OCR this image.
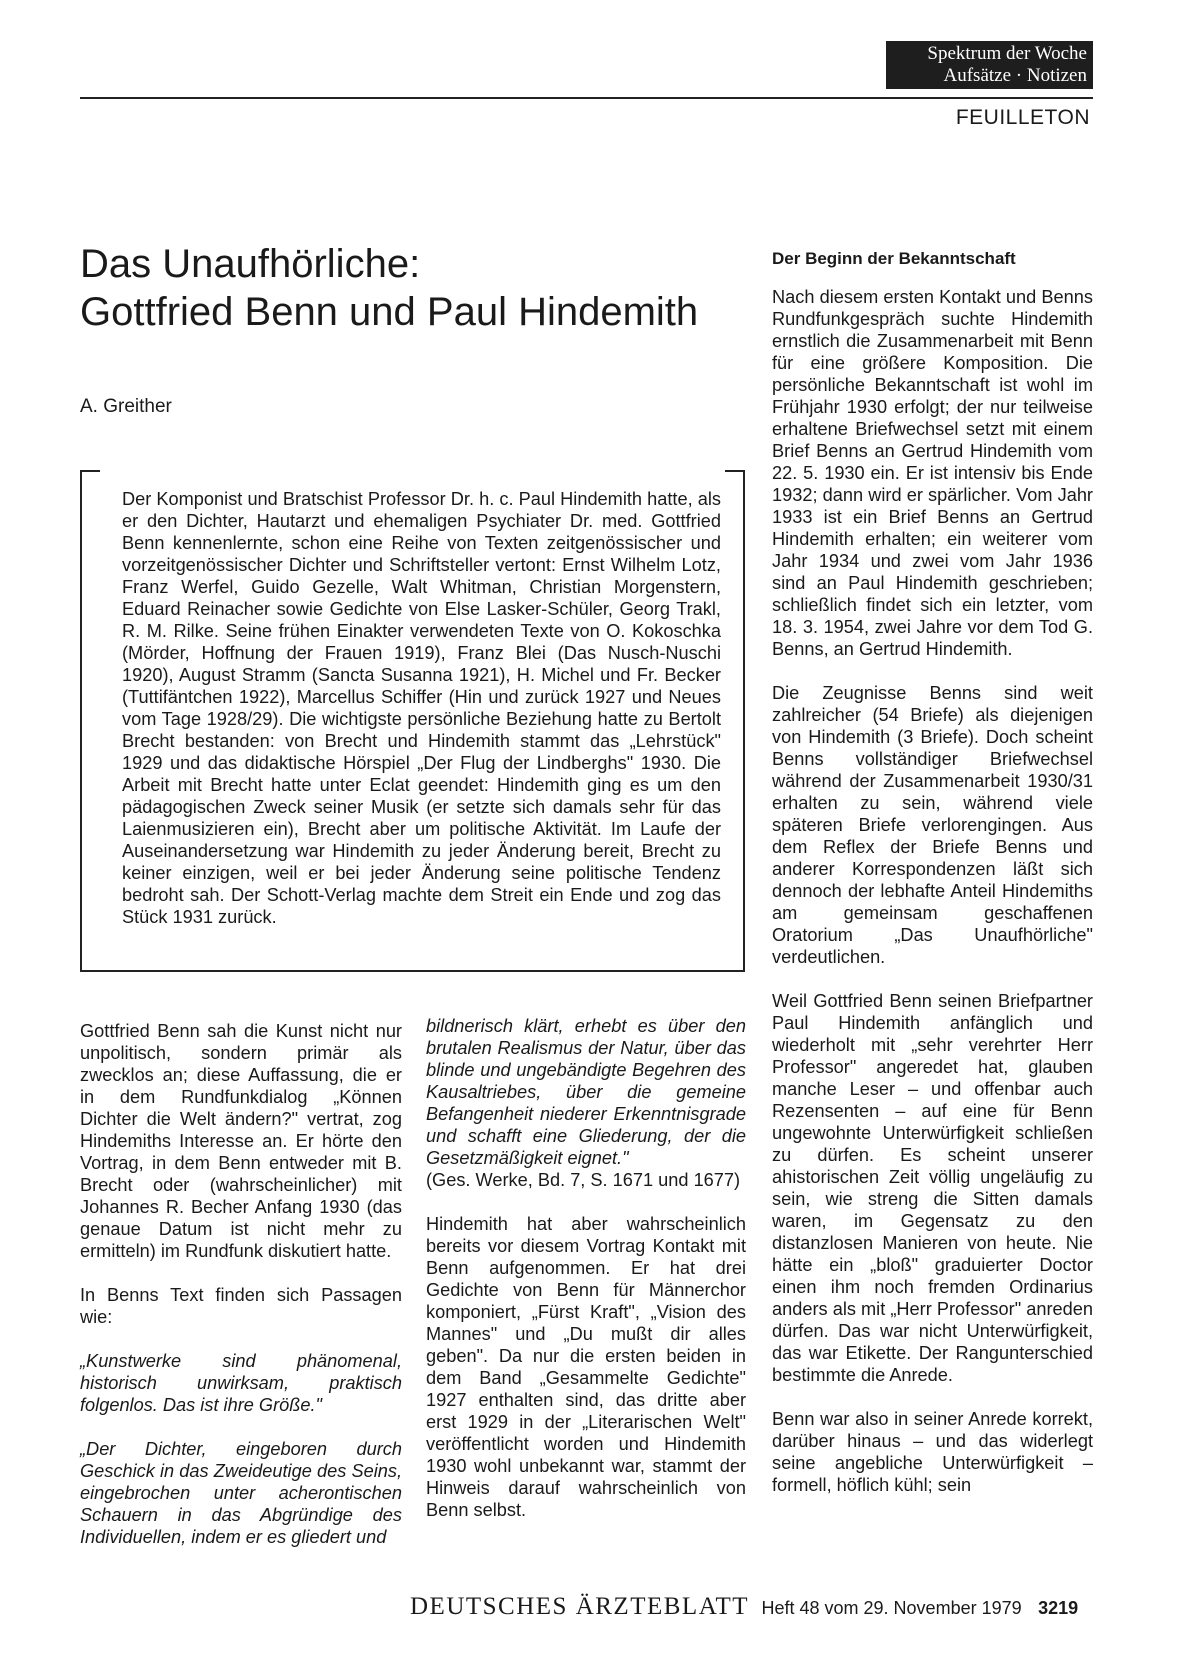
Spektrum der Woche
Aufsätze · Notizen
FEUILLETON
Das Unaufhörliche:
Gottfried Benn und Paul Hindemith
A. Greither
Der Komponist und Bratschist Professor Dr. h. c. Paul Hindemith hatte, als er den Dichter, Hautarzt und ehemaligen Psychiater Dr. med. Gottfried Benn kennenlernte, schon eine Reihe von Texten zeitgenössischer und vorzeitgenössischer Dichter und Schriftsteller vertont: Ernst Wilhelm Lotz, Franz Werfel, Guido Gezelle, Walt Whitman, Christian Morgenstern, Eduard Reinacher sowie Gedichte von Else Lasker-Schüler, Georg Trakl, R. M. Rilke. Seine frühen Einakter verwendeten Texte von O. Kokoschka (Mörder, Hoffnung der Frauen 1919), Franz Blei (Das Nusch-Nuschi 1920), August Stramm (Sancta Susanna 1921), H. Michel und Fr. Becker (Tuttifäntchen 1922), Marcellus Schiffer (Hin und zurück 1927 und Neues vom Tage 1928/29). Die wichtigste persönliche Beziehung hatte zu Bertolt Brecht bestanden: von Brecht und Hindemith stammt das „Lehrstück" 1929 und das didaktische Hörspiel „Der Flug der Lindberghs" 1930. Die Arbeit mit Brecht hatte unter Eclat geendet: Hindemith ging es um den pädagogischen Zweck seiner Musik (er setzte sich damals sehr für das Laienmusizieren ein), Brecht aber um politische Aktivität. Im Laufe der Auseinandersetzung war Hindemith zu jeder Änderung bereit, Brecht zu keiner einzigen, weil er bei jeder Änderung seine politische Tendenz bedroht sah. Der Schott-Verlag machte dem Streit ein Ende und zog das Stück 1931 zurück.

Gottfried Benn sah die Kunst nicht nur unpolitisch, sondern primär als zwecklos an; diese Auffassung, die er in dem Rundfunkdialog „Können Dichter die Welt ändern?" vertrat, zog Hindemiths Interesse an. Er hörte den Vortrag, in dem Benn entweder mit B. Brecht oder (wahrscheinlicher) mit Johannes R. Becher Anfang 1930 (das genaue Datum ist nicht mehr zu ermitteln) im Rundfunk diskutiert hatte.

In Benns Text finden sich Passagen wie:

„Kunstwerke sind phänomenal, historisch unwirksam, praktisch folgenlos. Das ist ihre Größe."

„Der Dichter, eingeboren durch Geschick in das Zweideutige des Seins, eingebrochen unter acherontischen Schauern in das Abgründige des Individuellen, indem er es gliedert und

bildnerisch klärt, erhebt es über den brutalen Realismus der Natur, über das blinde und ungebändigte Begehren des Kausaltriebes, über die gemeine Befangenheit niederer Erkenntnisgrade und schafft eine Gliederung, der die Gesetzmäßigkeit eignet."

(Ges. Werke, Bd. 7, S. 1671 und 1677)

Hindemith hat aber wahrscheinlich bereits vor diesem Vortrag Kontakt mit Benn aufgenommen. Er hat drei Gedichte von Benn für Männerchor komponiert, „Fürst Kraft", „Vision des Mannes" und „Du mußt dir alles geben". Da nur die ersten beiden in dem Band „Gesammelte Gedichte" 1927 enthalten sind, das dritte aber erst 1929 in der „Literarischen Welt" veröffentlicht worden und Hindemith 1930 wohl unbekannt war, stammt der Hinweis darauf wahrscheinlich von Benn selbst.

Der Beginn der Bekanntschaft

Nach diesem ersten Kontakt und Benns Rundfunkgespräch suchte Hindemith ernstlich die Zusammenarbeit mit Benn für eine größere Komposition. Die persönliche Bekanntschaft ist wohl im Frühjahr 1930 erfolgt; der nur teilweise erhaltene Briefwechsel setzt mit einem Brief Benns an Gertrud Hindemith vom 22. 5. 1930 ein. Er ist intensiv bis Ende 1932; dann wird er spärlicher. Vom Jahr 1933 ist ein Brief Benns an Gertrud Hindemith erhalten; ein weiterer vom Jahr 1934 und zwei vom Jahr 1936 sind an Paul Hindemith geschrieben; schließlich findet sich ein letzter, vom 18. 3. 1954, zwei Jahre vor dem Tod G. Benns, an Gertrud Hindemith.

Die Zeugnisse Benns sind weit zahlreicher (54 Briefe) als diejenigen von Hindemith (3 Briefe). Doch scheint Benns vollständiger Briefwechsel während der Zusammenarbeit 1930/31 erhalten zu sein, während viele späteren Briefe verlorengingen. Aus dem Reflex der Briefe Benns und anderer Korrespondenzen läßt sich dennoch der lebhafte Anteil Hindemiths am gemeinsam geschaffenen Oratorium „Das Unaufhörliche" verdeutlichen.

Weil Gottfried Benn seinen Briefpartner Paul Hindemith anfänglich und wiederholt mit „sehr verehrter Herr Professor" angeredet hat, glauben manche Leser – und offenbar auch Rezensenten – auf eine für Benn ungewohnte Unterwürfigkeit schließen zu dürfen. Es scheint unserer ahistorischen Zeit völlig ungeläufig zu sein, wie streng die Sitten damals waren, im Gegensatz zu den distanzlosen Manieren von heute. Nie hätte ein „bloß" graduierter Doctor einen ihm noch fremden Ordinarius anders als mit „Herr Professor" anreden dürfen. Das war nicht Unterwürfigkeit, das war Etikette. Der Rangunterschied bestimmte die Anrede.

Benn war also in seiner Anrede korrekt, darüber hinaus – und das widerlegt seine angebliche Unterwürfigkeit – formell, höflich kühl; sein

DEUTSCHES ÄRZTEBLATT Heft 48 vom 29. November 1979 3219
